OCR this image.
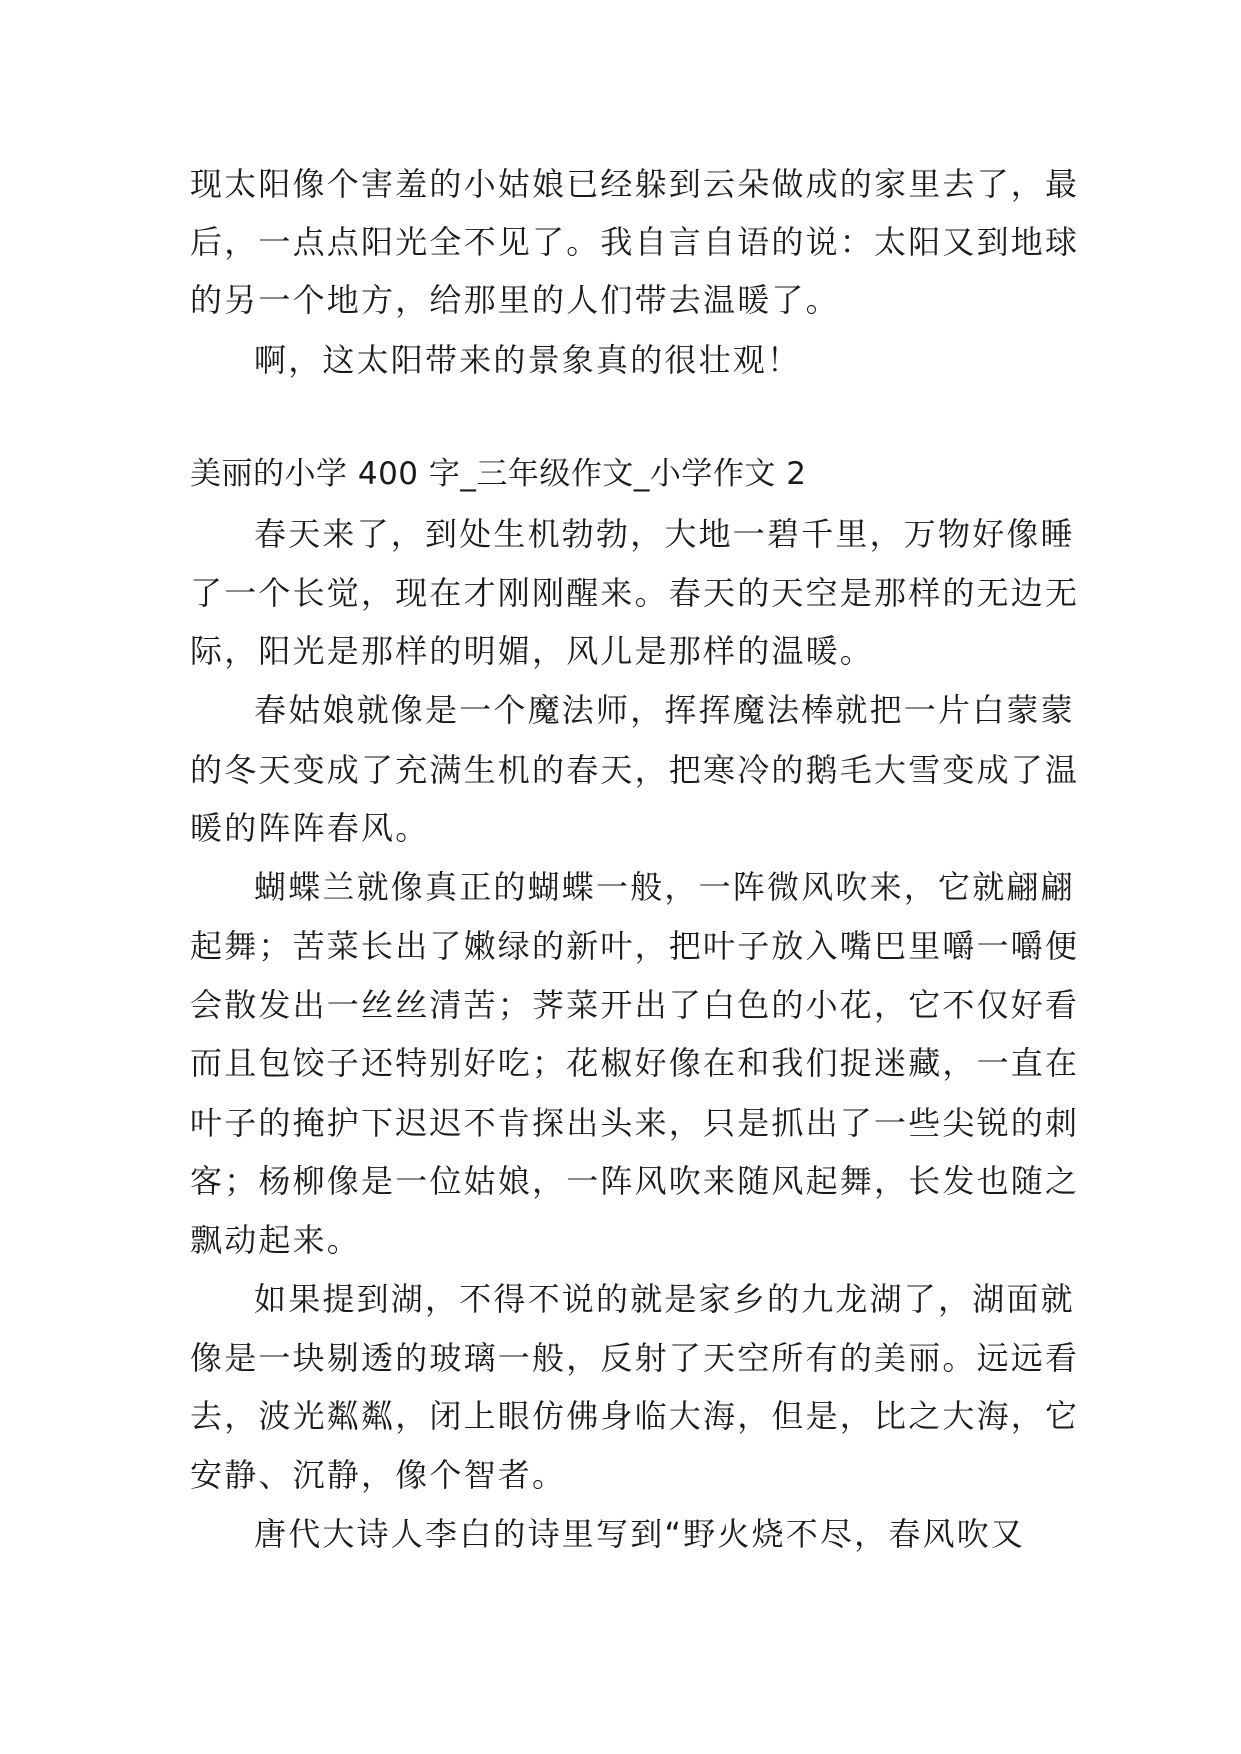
现太阳像个害羞的小姑娘已经躲到云朵做成的家里去了，最
后，一点点阳光全不见了。我自言自语的说：太阳又到地球
的另一个地方，给那里的人们带去温暖了。
啊，这太阳带来的景象真的很壮观！
美丽的小学 400 字_三年级作文_小学作文 2
春天来了，到处生机勃勃，大地一碧千里，万物好像睡
了一个长觉，现在才刚刚醒来。春天的天空是那样的无边无
际，阳光是那样的明媚，风儿是那样的温暖。
春姑娘就像是一个魔法师，挥挥魔法棒就把一片白蒙蒙
的冬天变成了充满生机的春天，把寒冷的鹅毛大雪变成了温
暖的阵阵春风。
蝴蝶兰就像真正的蝴蝶一般，一阵微风吹来，它就翩翩
起舞；苦菜长出了嫩绿的新叶，把叶子放入嘴巴里嚼一嚼便
会散发出一丝丝清苦；荠菜开出了白色的小花，它不仅好看
而且包饺子还特别好吃；花椒好像在和我们捉迷藏，一直在
叶子的掩护下迟迟不肯探出头来，只是抓出了一些尖锐的刺
客；杨柳像是一位姑娘，一阵风吹来随风起舞，长发也随之
飘动起来。
如果提到湖，不得不说的就是家乡的九龙湖了，湖面就
像是一块剔透的玻璃一般，反射了天空所有的美丽。远远看
去，波光粼粼，闭上眼仿佛身临大海，但是，比之大海，它
安静、沉静，像个智者。
唐代大诗人李白的诗里写到“野火烧不尽，春风吹又
